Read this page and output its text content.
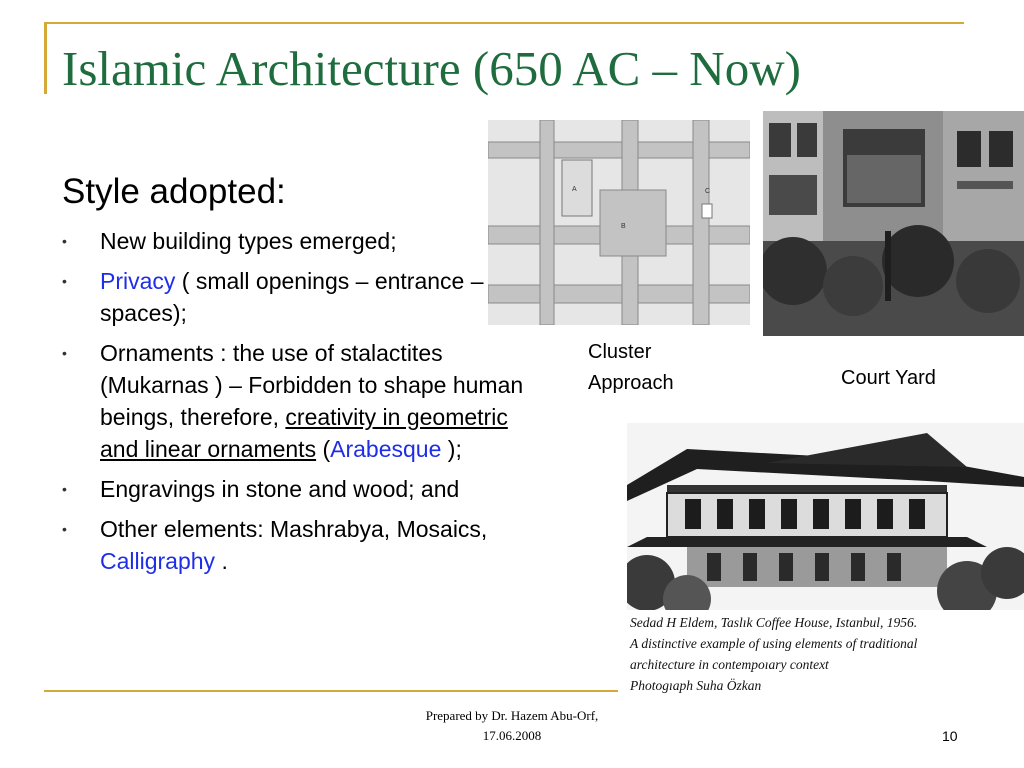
Islamic Architecture (650 AC – Now)
Style adopted:
• New building types emerged;
• Privacy ( small openings – entrance – spaces);
• Ornaments : the use of stalactites (Mukarnas ) – Forbidden to shape human beings, therefore, creativity in geometric and linear ornaments (Arabesque );
• Engravings in stone and wood; and
• Other elements: Mashrabya, Mosaics, Calligraphy .
A
B
C
Cluster
Approach	Court Yard
Sedad H Eldem, Taslık Coffee House, Istanbul, 1956.
A distinctive example of using elements of traditional
architecture in contempoıary context
Photogıaph Suha Özkan
Prepared by Dr. Hazem Abu-Orf,
17.06.2008	10
